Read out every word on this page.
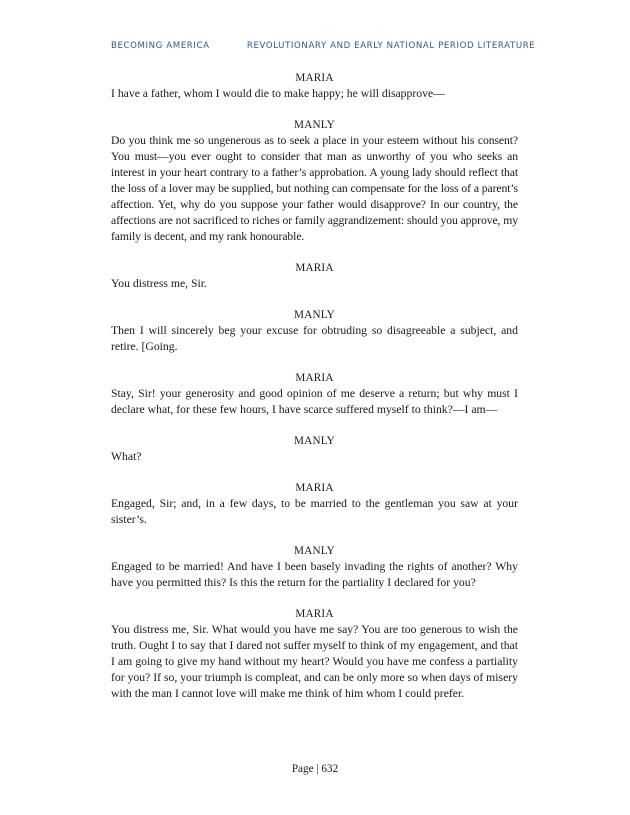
BECOMING AMERICA	REVOLUTIONARY AND EARLY NATIONAL PERIOD LITERATURE

MARIA

I have a father, whom I would die to make happy; he will disapprove—

MANLY

Do you think me so ungenerous as to seek a place in your esteem without his consent? You must—you ever ought to consider that man as unworthy of you who seeks an interest in your heart contrary to a father’s approbation. A young lady should reflect that the loss of a lover may be supplied, but nothing can compensate for the loss of a parent’s affection. Yet, why do you suppose your father would disapprove? In our country, the affections are not sacrificed to riches or family aggrandizement: should you approve, my family is decent, and my rank honourable.

MARIA

You distress me, Sir.

MANLY

Then I will sincerely beg your excuse for obtruding so disagreeable a subject, and retire. [Going.

MARIA

Stay, Sir! your generosity and good opinion of me deserve a return; but why must I declare what, for these few hours, I have scarce suffered myself to think?—I am—

MANLY

What?

MARIA

Engaged, Sir; and, in a few days, to be married to the gentleman you saw at your sister’s.

MANLY

Engaged to be married! And have I been basely invading the rights of another? Why have you permitted this? Is this the return for the partiality I declared for you?

MARIA

You distress me, Sir. What would you have me say? You are too generous to wish the truth. Ought I to say that I dared not suffer myself to think of my engagement, and that I am going to give my hand without my heart? Would you have me confess a partiality for you? If so, your triumph is compleat, and can be only more so when days of misery with the man I cannot love will make me think of him whom I could prefer.

Page | 632
